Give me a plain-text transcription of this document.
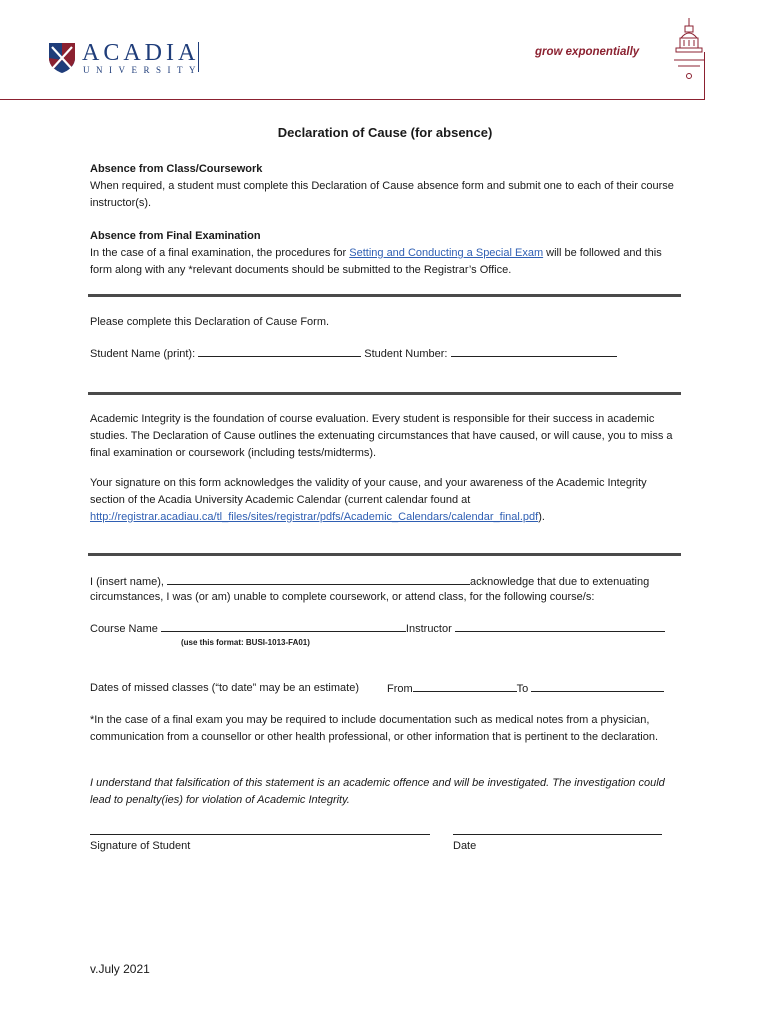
ACADIA
UNIVERSITY
grow exponentially
Declaration of Cause (for absence)
Absence from Class/Coursework
When required, a student must complete this Declaration of Cause absence form and submit one to each of their course instructor(s).
Absence from Final Examination
In the case of a final examination, the procedures for Setting and Conducting a Special Exam will be followed and this form along with any *relevant documents should be submitted to the Registrar’s Office.
Please complete this Declaration of Cause Form.
Student Name (print):	Student Number:
Academic Integrity is the foundation of course evaluation. Every student is responsible for their success in academic studies. The Declaration of Cause outlines the extenuating circumstances that have caused, or will cause, you to miss a final examination or coursework (including tests/midterms).
Your signature on this form acknowledges the validity of your cause, and your awareness of the Academic Integrity section of the Acadia University Academic Calendar (current calendar found at http://registrar.acadiau.ca/tl_files/sites/registrar/pdfs/Academic_Calendars/calendar_final.pdf).
I (insert name),	acknowledge that due to extenuating
circumstances, I was (or am) unable to complete coursework, or attend class, for the following course/s:
Course Name	Instructor
(use this format: BUSI-1013-FA01)
Dates of missed classes (“to date” may be an estimate)	From	To
*In the case of a final exam you may be required to include documentation such as medical notes from a physician, communication from a counsellor or other health professional, or other information that is pertinent to the declaration.
I understand that falsification of this statement is an academic offence and will be investigated. The investigation could lead to penalty(ies) for violation of Academic Integrity.
Signature of Student	Date
v.July 2021
